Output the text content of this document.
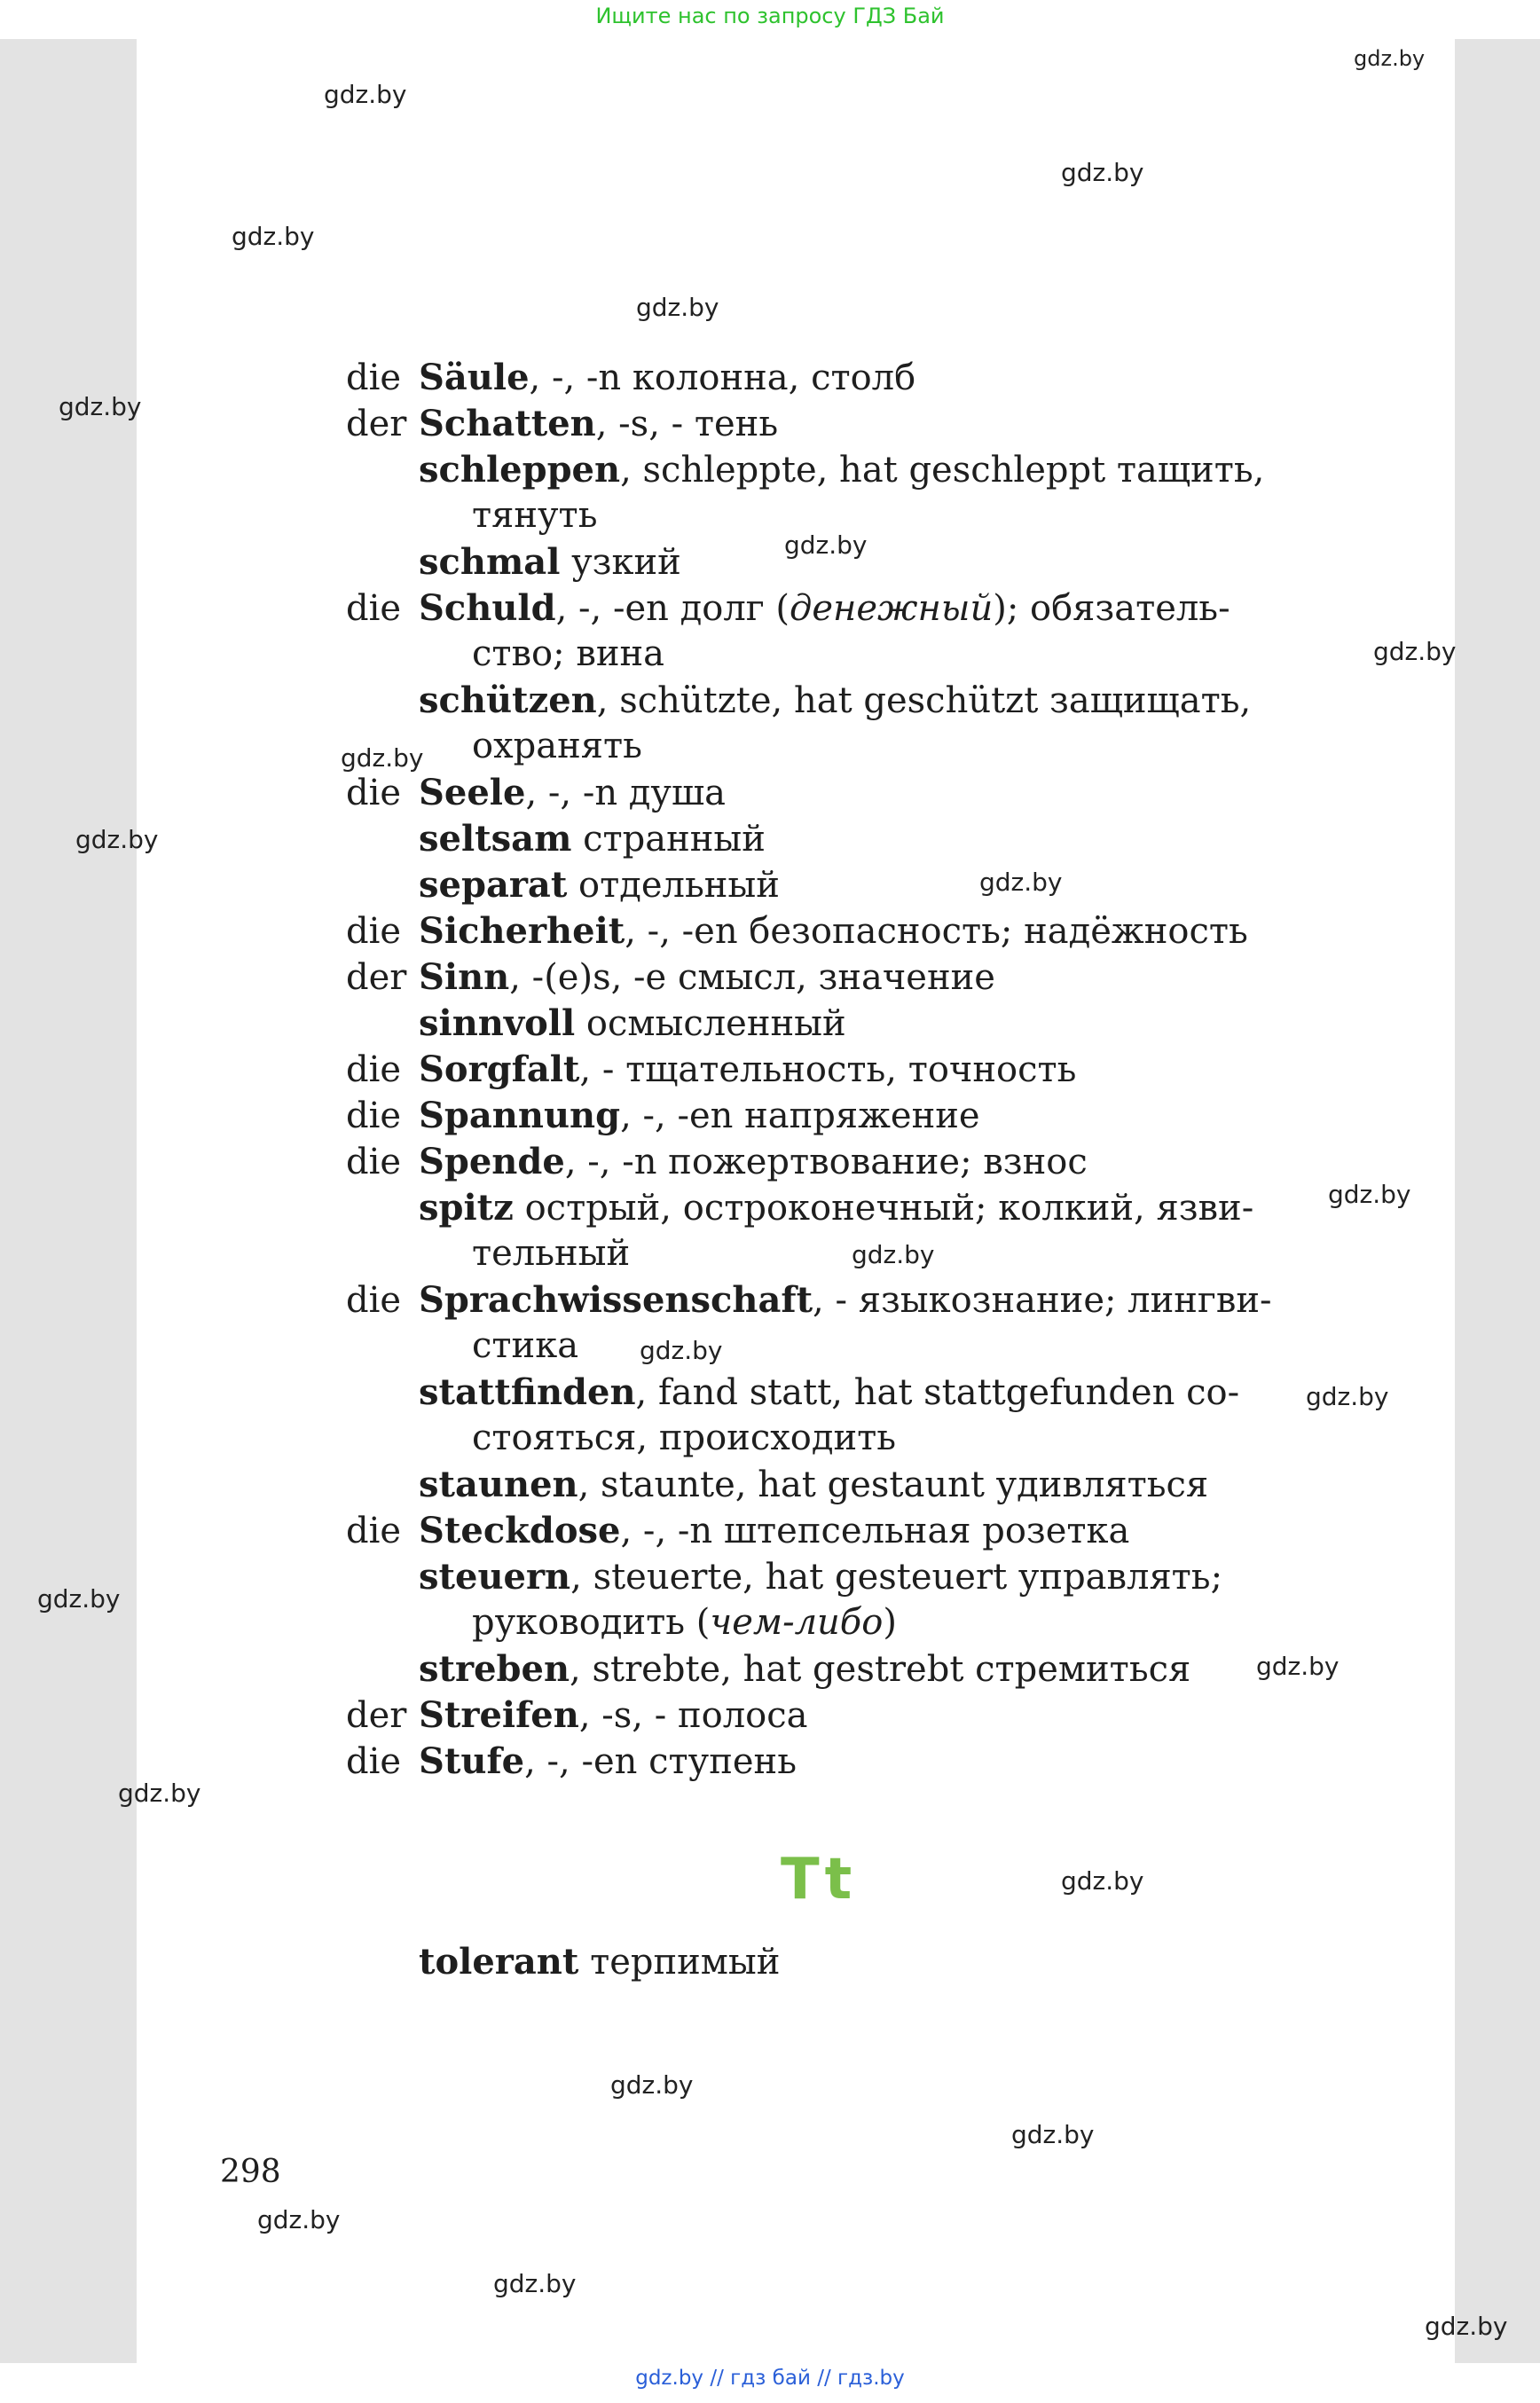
Ищите нас по запросу ГДЗ Бай
gdz.by
gdz.by
gdz.by
gdz.by
gdz.by
gdz.by
gdz.by
gdz.by
gdz.by
gdz.by
gdz.by
gdz.by
gdz.by
gdz.by
gdz.by
gdz.by
gdz.by
gdz.by
gdz.by
gdz.by
gdz.by
gdz.by
gdz.by
gdz.by
die Säule, -, -n колонна, столб
der Schatten, -s, - тень
schleppen, schleppte, hat geschleppt тащить,
тянуть
schmal узкий
die Schuld, -, -en долг (денежный); обязатель-
ство; вина
schützen, schützte, hat geschützt защищать,
охранять
die Seele, -, -n душа
seltsam странный
separat отдельный
die Sicherheit, -, -en безопасность; надёжность
der Sinn, -(e)s, -e смысл, значение
sinnvoll осмысленный
die Sorgfalt, - тщательность, точность
die Spannung, -, -en напряжение
die Spende, -, -n пожертвование; взнос
spitz острый, остроконечный; колкий, язви-
тельный
die Sprachwissenschaft, - языкознание; лингви-
стика
stattfinden, fand statt, hat stattgefunden со-
стояться, происходить
staunen, staunte, hat gestaunt удивляться
die Steckdose, -, -n штепсельная розетка
steuern, steuerte, hat gesteuert управлять;
руководить (чем-либо)
streben, strebte, hat gestrebt стремиться
der Streifen, -s, - полоса
die Stufe, -, -en ступень
Tt
tolerant терпимый
298
gdz.by // гдз бай // гдз.by
